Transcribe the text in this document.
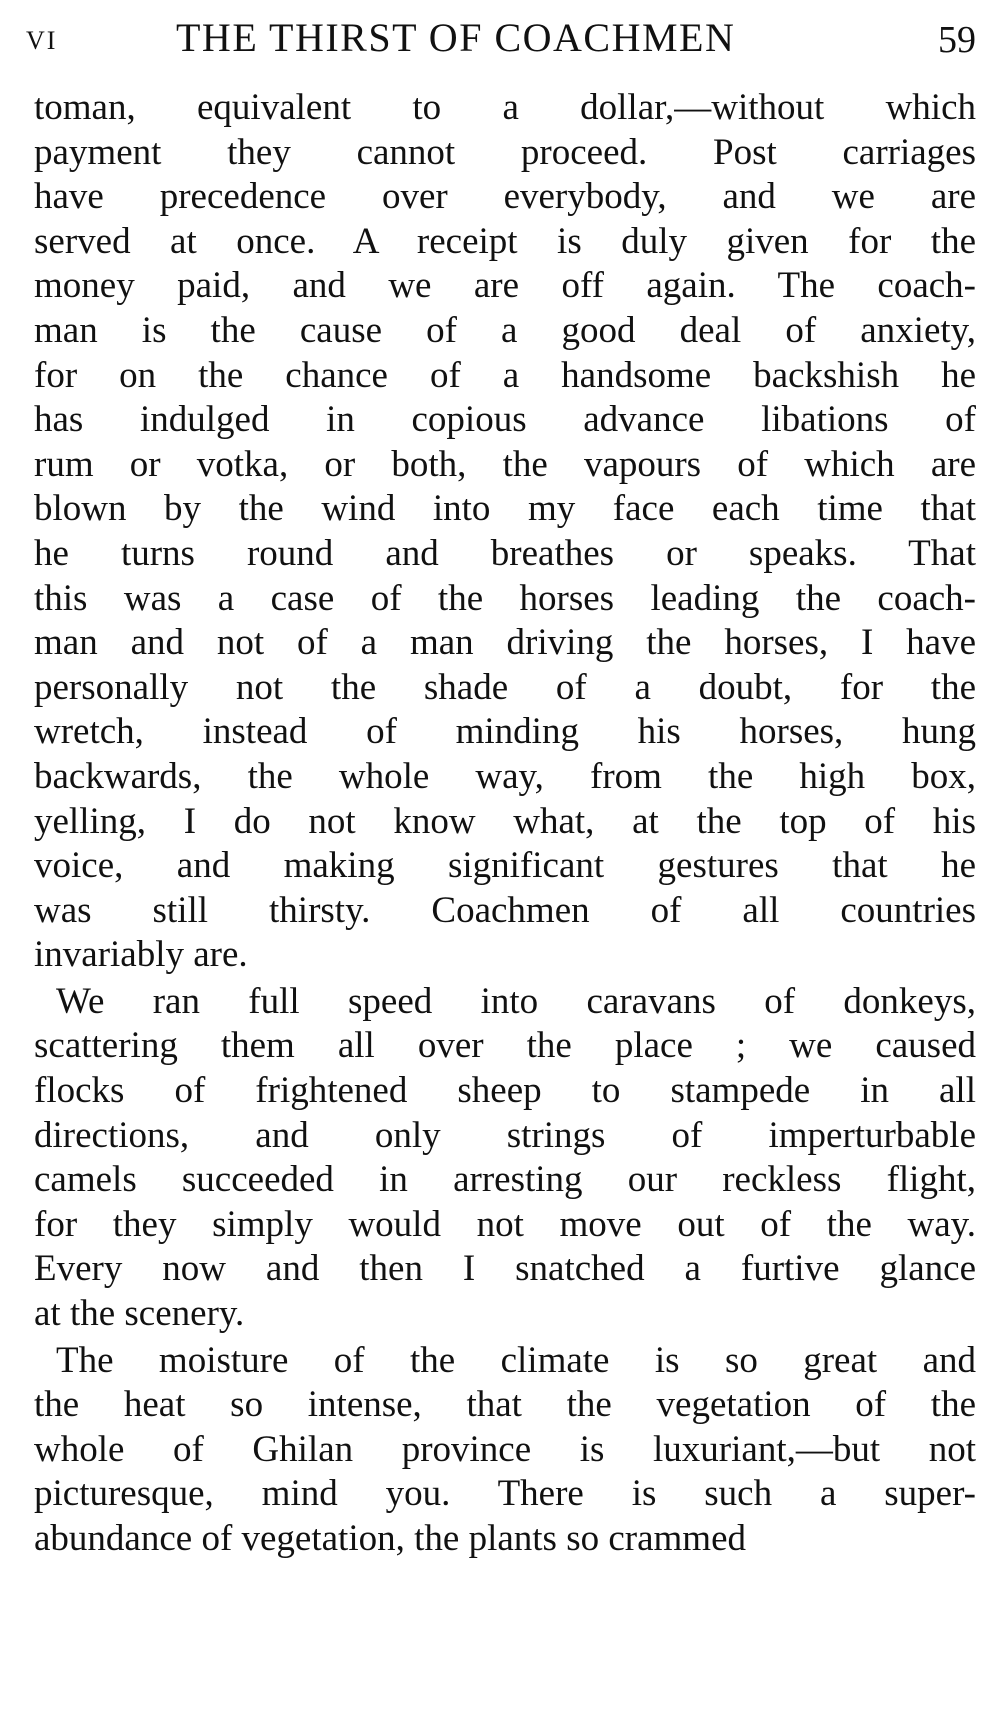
VI	THE THIRST OF COACHMEN	59
toman, equivalent to a dollar,—without which
payment they cannot proceed. Post carriages
have precedence over everybody, and we are
served at once. A receipt is duly given for the
money paid, and we are off again. The coach-
man is the cause of a good deal of anxiety,
for on the chance of a handsome backshish he
has indulged in copious advance libations of
rum or votka, or both, the vapours of which are
blown by the wind into my face each time that
he turns round and breathes or speaks. That
this was a case of the horses leading the coach-
man and not of a man driving the horses, I have
personally not the shade of a doubt, for the
wretch, instead of minding his horses, hung
backwards, the whole way, from the high box,
yelling, I do not know what, at the top of his
voice, and making significant gestures that he
was still thirsty. Coachmen of all countries
invariably are.
We ran full speed into caravans of donkeys,
scattering them all over the place ; we caused
flocks of frightened sheep to stampede in all
directions, and only strings of imperturbable
camels succeeded in arresting our reckless flight,
for they simply would not move out of the way.
Every now and then I snatched a furtive glance
at the scenery.
The moisture of the climate is so great and
the heat so intense, that the vegetation of the
whole of Ghilan province is luxuriant,—but not
picturesque, mind you. There is such a super-
abundance of vegetation, the plants so crammed
